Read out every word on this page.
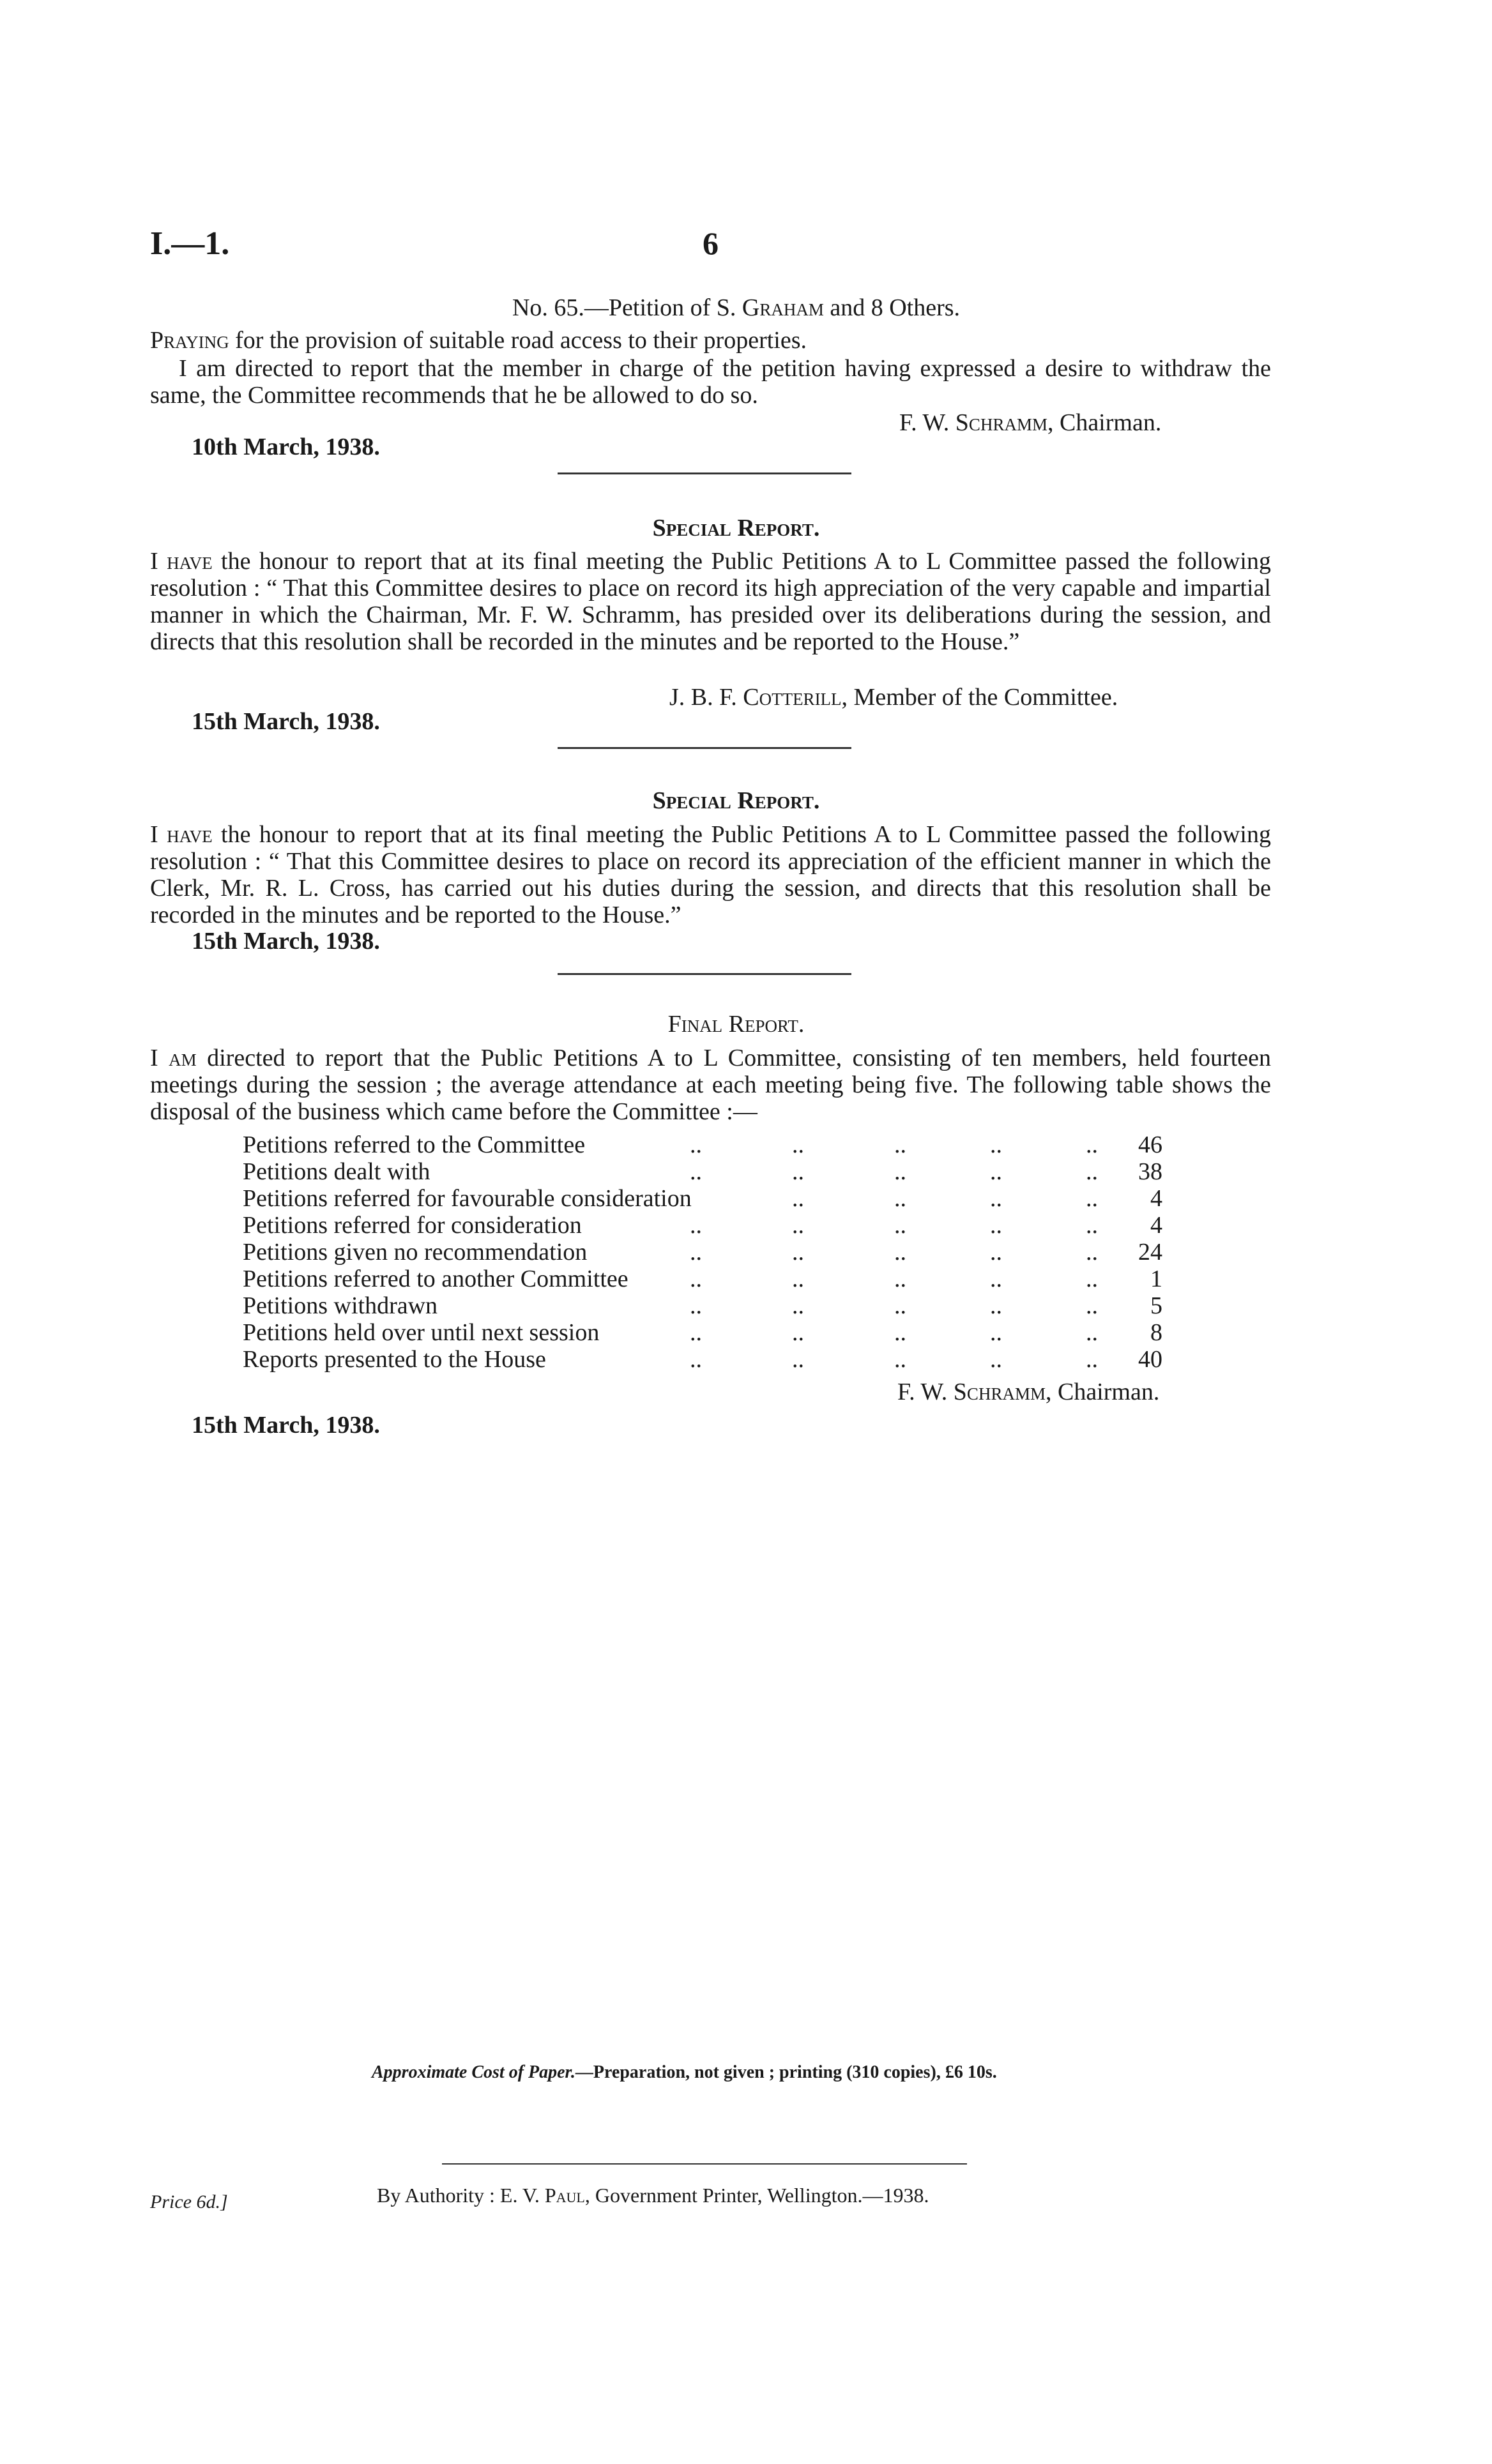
I.—1.	6
No. 65.—Petition of S. Graham and 8 Others.
Praying for the provision of suitable road access to their properties.
I am directed to report that the member in charge of the petition having expressed a desire to withdraw the same, the Committee recommends that he be allowed to do so.
F. W. Schramm, Chairman.
10th March, 1938.
Special Report.
I have the honour to report that at its final meeting the Public Petitions A to L Committee passed the following resolution : “ That this Committee desires to place on record its high appreciation of the very capable and impartial manner in which the Chairman, Mr. F. W. Schramm, has presided over its deliberations during the session, and directs that this resolution shall be recorded in the minutes and be reported to the House.”
J. B. F. Cotterill, Member of the Committee.
15th March, 1938.
Special Report.
I have the honour to report that at its final meeting the Public Petitions A to L Committee passed the following resolution : “ That this Committee desires to place on record its appreciation of the efficient manner in which the Clerk, Mr. R. L. Cross, has carried out his duties during the session, and directs that this resolution shall be recorded in the minutes and be reported to the House.”
15th March, 1938.
Final Report.
I am directed to report that the Public Petitions A to L Committee, consisting of ten members, held fourteen meetings during the session ; the average attendance at each meeting being five. The following table shows the disposal of the business which came before the Committee :—
Petitions referred to the Committee	..	..	..	..	.. 46
Petitions dealt with	..	..	..	..	.. 38
Petitions referred for favourable consideration	..	..	..	.. 4
Petitions referred for consideration	..	..	..	..	.. 4
Petitions given no recommendation	..	..	..	..	.. 24
Petitions referred to another Committee	..	..	..	..	.. 1
Petitions withdrawn	..	..	..	..	.. 5
Petitions held over until next session	..	..	..	..	.. 8
Reports presented to the House	..	..	..	..	.. 40
F. W. Schramm, Chairman.
15th March, 1938.
Approximate Cost of Paper.—Preparation, not given ; printing (310 copies), £6 10s.
By Authority : E. V. Paul, Government Printer, Wellington.—1938.
Price 6d.]
